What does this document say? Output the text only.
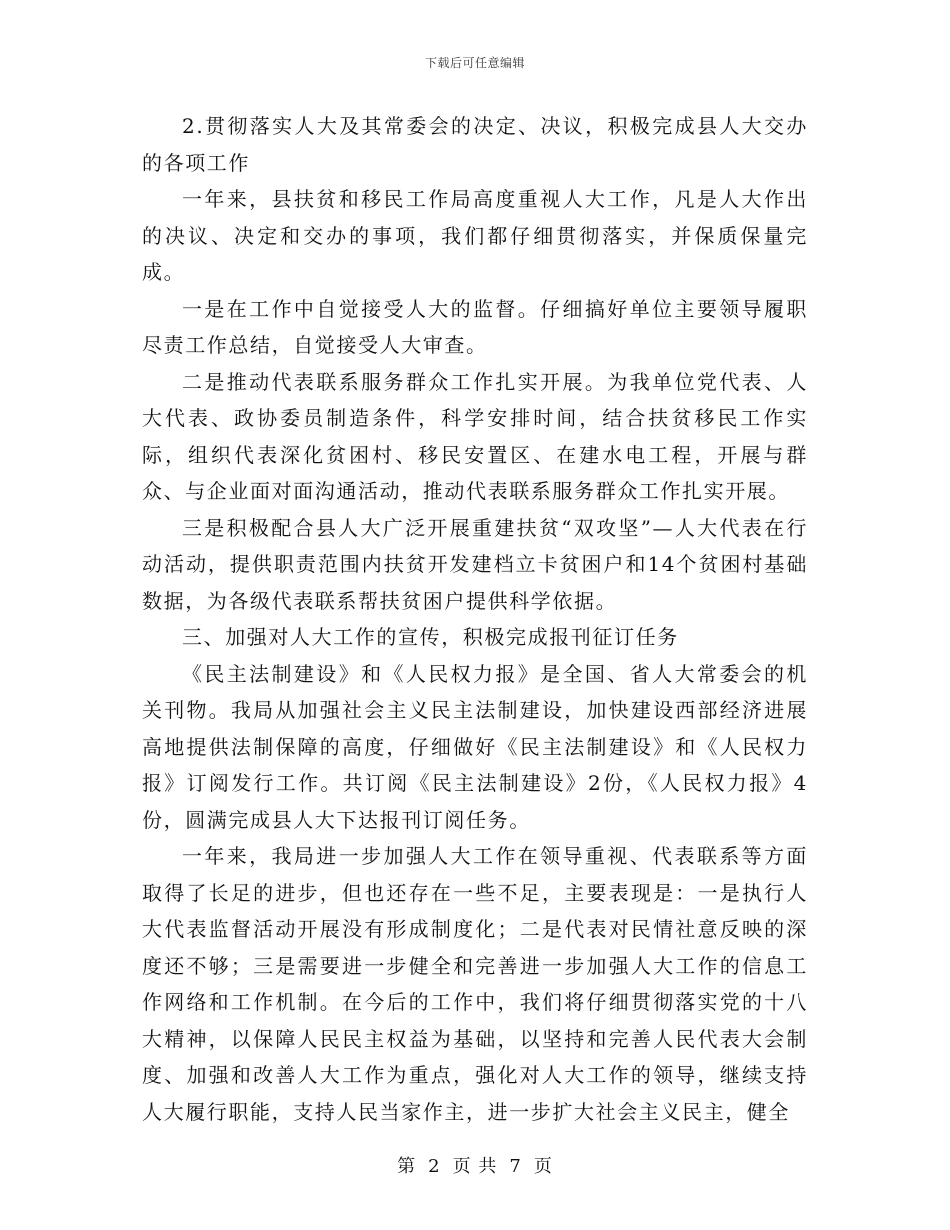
下载后可任意编辑

2.贯彻落实人大及其常委会的决定、决议，积极完成县人大交办的各项工作

一年来，县扶贫和移民工作局高度重视人大工作，凡是人大作出的决议、决定和交办的事项，我们都仔细贯彻落实，并保质保量完成。

一是在工作中自觉接受人大的监督。仔细搞好单位主要领导履职尽责工作总结，自觉接受人大审查。

二是推动代表联系服务群众工作扎实开展。为我单位党代表、人大代表、政协委员制造条件，科学安排时间，结合扶贫移民工作实际，组织代表深化贫困村、移民安置区、在建水电工程，开展与群众、与企业面对面沟通活动，推动代表联系服务群众工作扎实开展。

三是积极配合县人大广泛开展重建扶贫“双攻坚”—人大代表在行动活动，提供职责范围内扶贫开发建档立卡贫困户和14个贫困村基础数据，为各级代表联系帮扶贫困户提供科学依据。

三、加强对人大工作的宣传，积极完成报刊征订任务

《民主法制建设》和《人民权力报》是全国、省人大常委会的机关刊物。我局从加强社会主义民主法制建设，加快建设西部经济进展高地提供法制保障的高度，仔细做好《民主法制建设》和《人民权力报》订阅发行工作。共订阅《民主法制建设》2份，《人民权力报》4份，圆满完成县人大下达报刊订阅任务。

一年来，我局进一步加强人大工作在领导重视、代表联系等方面取得了长足的进步，但也还存在一些不足，主要表现是：一是执行人大代表监督活动开展没有形成制度化；二是代表对民情社意反映的深度还不够；三是需要进一步健全和完善进一步加强人大工作的信息工作网络和工作机制。在今后的工作中，我们将仔细贯彻落实党的十八大精神，以保障人民民主权益为基础，以坚持和完善人民代表大会制度、加强和改善人大工作为重点，强化对人大工作的领导，继续支持人大履行职能，支持人民当家作主，进一步扩大社会主义民主，健全

第 2 页 共 7 页
